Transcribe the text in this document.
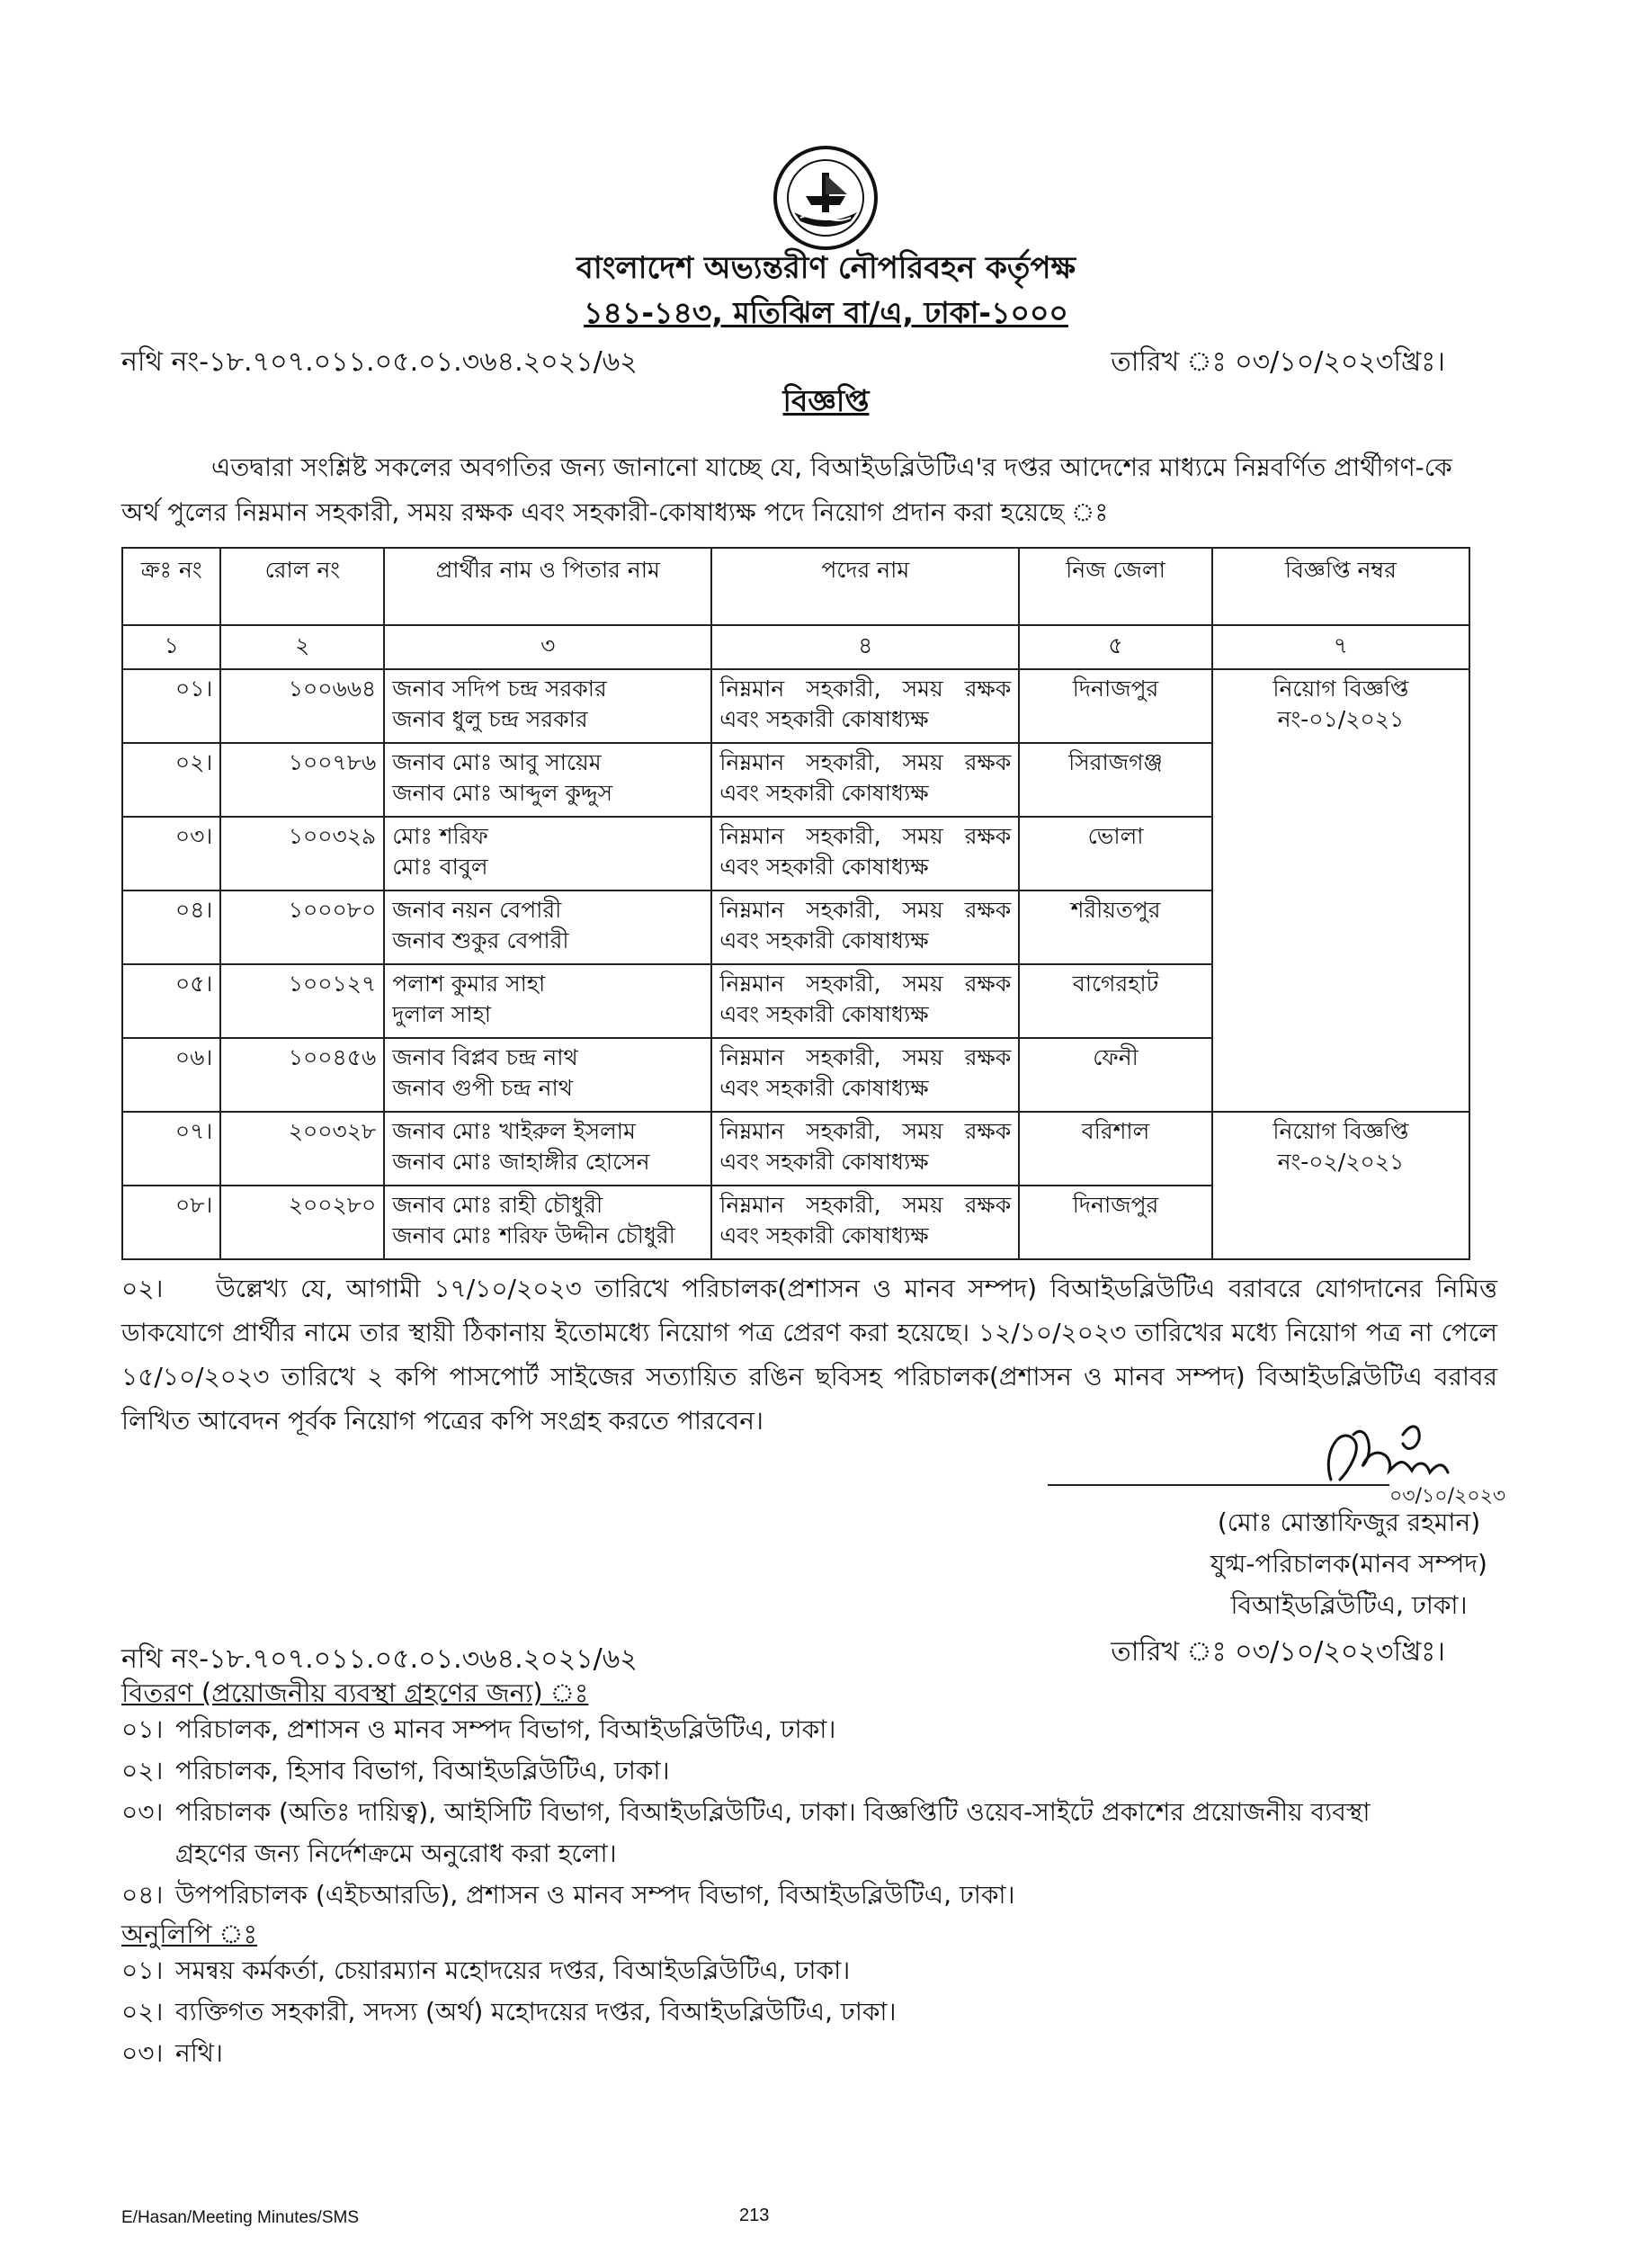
বাংলাদেশ অভ্যন্তরীণ নৌপরিবহন কর্তৃপক্ষ
১৪১-১৪৩, মতিঝিল বা/এ, ঢাকা-১০০০
নথি নং-১৮.৭০৭.০১১.০৫.০১.৩৬৪.২০২১/৬২	তারিখ ঃ ০৩/১০/২০২৩খ্রিঃ।
বিজ্ঞপ্তি
এতদ্বারা সংশ্লিষ্ট সকলের অবগতির জন্য জানানো যাচ্ছে যে, বিআইডব্লিউটিএ'র দপ্তর আদেশের মাধ্যমে নিম্নবর্ণিত প্রার্থীগণ-কে অর্থ পুলের নিম্নমান সহকারী, সময় রক্ষক এবং সহকারী-কোষাধ্যক্ষ পদে নিয়োগ প্রদান করা হয়েছে ঃ
ক্রঃ নং	রোল নং	প্রার্থীর নাম ও পিতার নাম	পদের নাম	নিজ জেলা	বিজ্ঞপ্তি নম্বর
১	২	৩	৪	৫	৭
০১।	১০০৬৬৪	জনাব সদিপ চন্দ্র সরকার
জনাব ধুলু চন্দ্র সরকার	নিম্নমান সহকারী, সময় রক্ষক এবং সহকারী কোষাধ্যক্ষ	দিনাজপুর	নিয়োগ বিজ্ঞপ্তি নং-০১/২০২১
০২।	১০০৭৮৬	জনাব মোঃ আবু সায়েম
জনাব মোঃ আব্দুল কুদ্দুস	নিম্নমান সহকারী, সময় রক্ষক এবং সহকারী কোষাধ্যক্ষ	সিরাজগঞ্জ	
০৩।	১০০৩২৯	মোঃ শরিফ
মোঃ বাবুল	নিম্নমান সহকারী, সময় রক্ষক এবং সহকারী কোষাধ্যক্ষ	ভোলা	
০৪।	১০০০৮০	জনাব নয়ন বেপারী
জনাব শুকুর বেপারী	নিম্নমান সহকারী, সময় রক্ষক এবং সহকারী কোষাধ্যক্ষ	শরীয়তপুর	
০৫।	১০০১২৭	পলাশ কুমার সাহা
দুলাল সাহা	নিম্নমান সহকারী, সময় রক্ষক এবং সহকারী কোষাধ্যক্ষ	বাগেরহাট	
০৬।	১০০৪৫৬	জনাব বিপ্লব চন্দ্র নাথ
জনাব গুপী চন্দ্র নাথ	নিম্নমান সহকারী, সময় রক্ষক এবং সহকারী কোষাধ্যক্ষ	ফেনী	
০৭।	২০০৩২৮	জনাব মোঃ খাইরুল ইসলাম
জনাব মোঃ জাহাঙ্গীর হোসেন	নিম্নমান সহকারী, সময় রক্ষক এবং সহকারী কোষাধ্যক্ষ	বরিশাল	নিয়োগ বিজ্ঞপ্তি নং-০২/২০২১
০৮।	২০০২৮০	জনাব মোঃ রাহী চৌধুরী
জনাব মোঃ শরিফ উদ্দীন চৌধুরী	নিম্নমান সহকারী, সময় রক্ষক এবং সহকারী কোষাধ্যক্ষ	দিনাজপুর	
০২। উল্লেখ্য যে, আগামী ১৭/১০/২০২৩ তারিখে পরিচালক(প্রশাসন ও মানব সম্পদ) বিআইডব্লিউটিএ বরাবরে যোগদানের নিমিত্ত ডাকযোগে প্রার্থীর নামে তার স্থায়ী ঠিকানায় ইতোমধ্যে নিয়োগ পত্র প্রেরণ করা হয়েছে। ১২/১০/২০২৩ তারিখের মধ্যে নিয়োগ পত্র না পেলে ১৫/১০/২০২৩ তারিখে ২ কপি পাসপোর্ট সাইজের সত্যায়িত রঙিন ছবিসহ পরিচালক(প্রশাসন ও মানব সম্পদ) বিআইডব্লিউটিএ বরাবর লিখিত আবেদন পূর্বক নিয়োগ পত্রের কপি সংগ্রহ করতে পারবেন।
০৩/১০/২০২৩
(মোঃ মোস্তাফিজুর রহমান)
যুগ্ম-পরিচালক(মানব সম্পদ)
বিআইডব্লিউটিএ, ঢাকা।
নথি নং-১৮.৭০৭.০১১.০৫.০১.৩৬৪.২০২১/৬২	তারিখ ঃ ০৩/১০/২০২৩খ্রিঃ।
বিতরণ (প্রয়োজনীয় ব্যবস্থা গ্রহণের জন্য) ঃ
০১। পরিচালক, প্রশাসন ও মানব সম্পদ বিভাগ, বিআইডব্লিউটিএ, ঢাকা।
০২। পরিচালক, হিসাব বিভাগ, বিআইডব্লিউটিএ, ঢাকা।
০৩। পরিচালক (অতিঃ দায়িত্ব), আইসিটি বিভাগ, বিআইডব্লিউটিএ, ঢাকা। বিজ্ঞপ্তিটি ওয়েব-সাইটে প্রকাশের প্রয়োজনীয় ব্যবস্থা গ্রহণের জন্য নির্দেশক্রমে অনুরোধ করা হলো।
০৪। উপপরিচালক (এইচআরডি), প্রশাসন ও মানব সম্পদ বিভাগ, বিআইডব্লিউটিএ, ঢাকা।
অনুলিপি ঃ
০১। সমন্বয় কর্মকর্তা, চেয়ারম্যান মহোদয়ের দপ্তর, বিআইডব্লিউটিএ, ঢাকা।
০২। ব্যক্তিগত সহকারী, সদস্য (অর্থ) মহোদয়ের দপ্তর, বিআইডব্লিউটিএ, ঢাকা।
০৩। নথি।
E/Hasan/Meeting Minutes/SMS	213
